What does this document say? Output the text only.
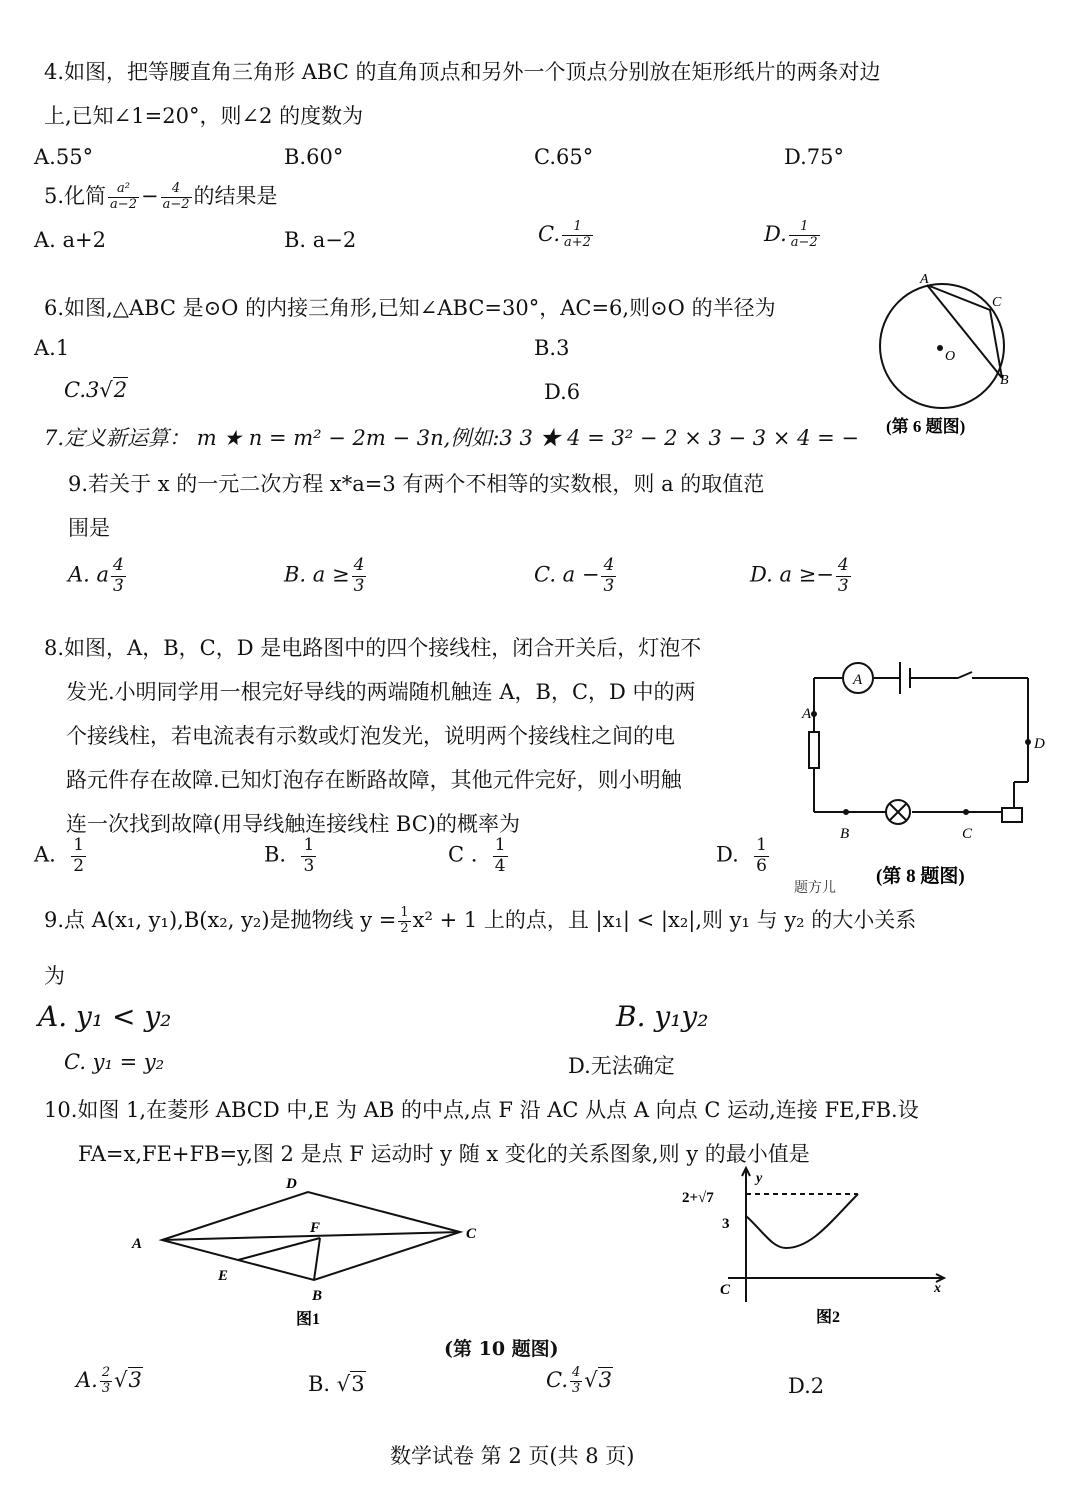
4.如图，把等腰直角三角形 ABC 的直角顶点和另外一个顶点分别放在矩形纸片的两条对边
上,已知∠1=20°，则∠2 的度数为
A.55°	B.60°	C.65°	D.75°
5.化简 $\frac{\text{a²}}{a-2} - \frac{4}{a-2}$ 的结果是
A. a+2	B. a−2	C. $\frac{1}{a+2}$	D. $\frac{1}{a-2}$
6.如图,△ABC 是⊙O 的内接三角形,已知∠ABC=30°，AC=6,则⊙O 的半径为
A.1	B.3
C.3√2	D.6
A
C
O
B
(第 6 题图)
7.定义新运算： m ★ n = m² − 2m − 3n,例如:3 3 ★ 4 = 3² − 2 × 3 − 3 × 4 = −
9.若关于 x 的一元二次方程 x*a=3 有两个不相等的实数根，则 a 的取值范
围是
A. a $\frac{4}{3}$	B. $a \ge \frac{4}{3}$	C. $a - \frac{4}{3}$	D. $a \ge- \frac{4}{3}$
8.如图，A，B，C，D 是电路图中的四个接线柱，闭合开关后，灯泡不
发光.小明同学用一根完好导线的两端随机触连 A，B，C，D 中的两
个接线柱，若电流表有示数或灯泡发光，说明两个接线柱之间的电
路元件存在故障.已知灯泡存在断路故障，其他元件完好，则小明触
连一次找到故障(用导线触连接线柱 BC)的概率为
A. $\frac{1}{2}$	B. $\frac{1}{3}$	C . $\frac{1}{4}$	D. $\frac{1}{6}$
A
A
D
B	C
题方儿
(第 8 题图)
9.点 A(x₁, y₁),B(x₂, y₂)是抛物线 $y = \frac{1}{2} x^2 + 1$ 上的点，且 |x₁| < |x₂|,则 y₁ 与 y₂ 的大小关系
为
A. y₁ < y₂	B. y₁y₂
C. y₁ = y₂	D.无法确定
10.如图 1,在菱形 ABCD 中,E 为 AB 的中点,点 F 沿 AC 从点 A 向点 C 运动,连接 FE,FB.设
FA=x,FE+FB=y,图 2 是点 F 运动时 y 随 x 变化的关系图象,则 y 的最小值是
D
A
F	C
E
B
图1
y
2+√7
3
C	x
图2
(第 10 题图)
A. $\frac{2}{3} √3$	B. √3	C. $\frac{4}{3} √3$	D.2
数学试卷 第 2 页(共 8 页)
